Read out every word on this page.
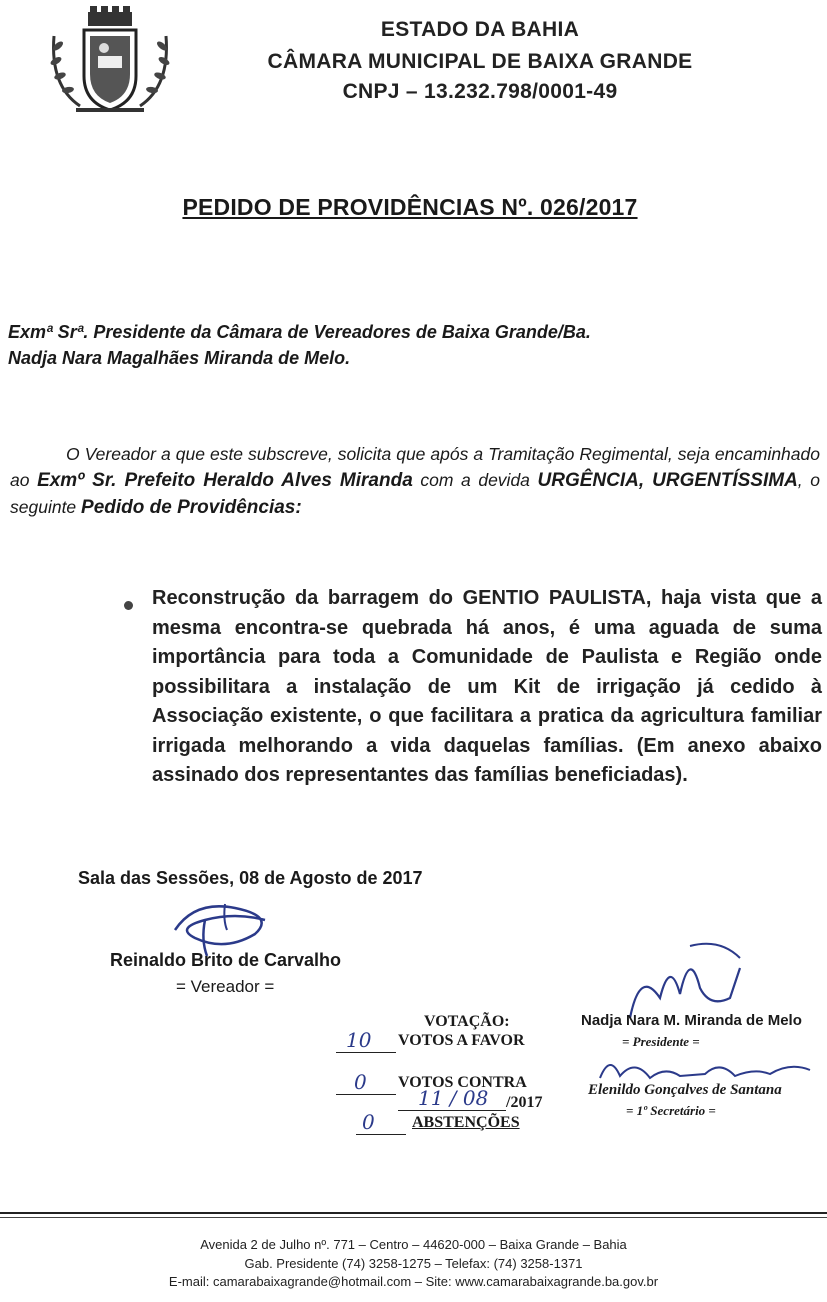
ESTADO DA BAHIA
CÂMARA MUNICIPAL DE BAIXA GRANDE
CNPJ – 13.232.798/0001-49
PEDIDO DE PROVIDÊNCIAS Nº. 026/2017
Exmª Srª. Presidente da Câmara de Vereadores de Baixa Grande/Ba.
Nadja Nara Magalhães Miranda de Melo.
O Vereador a que este subscreve, solicita que após a Tramitação Regimental, seja encaminhado ao Exmº Sr. Prefeito Heraldo Alves Miranda com a devida URGÊNCIA, URGENTÍSSIMA, o seguinte Pedido de Providências:
Reconstrução da barragem do GENTIO PAULISTA, haja vista que a mesma encontra-se quebrada há anos, é uma aguada de suma importância para toda a Comunidade de Paulista e Região onde possibilitara a instalação de um Kit de irrigação já cedido à Associação existente, o que facilitara a pratica da agricultura familiar irrigada melhorando a vida daquelas famílias. (Em anexo abaixo assinado dos representantes das famílias beneficiadas).
Sala das Sessões, 08 de Agosto de 2017
Reinaldo Brito de Carvalho
= Vereador =
VOTAÇÃO:
10 VOTOS A FAVOR
0 VOTOS CONTRA
11 / 08 /2017
0 ABSTENÇÕES
Nadja Nara M. Miranda de Melo
= Presidente =
Elenildo Gonçalves de Santana
= 1º Secretário =
Avenida 2 de Julho nº. 771 – Centro – 44620-000 – Baixa Grande – Bahia
Gab. Presidente (74) 3258-1275 – Telefax: (74) 3258-1371
E-mail: camarabaixagrande@hotmail.com – Site: www.camarabaixagrande.ba.gov.br
